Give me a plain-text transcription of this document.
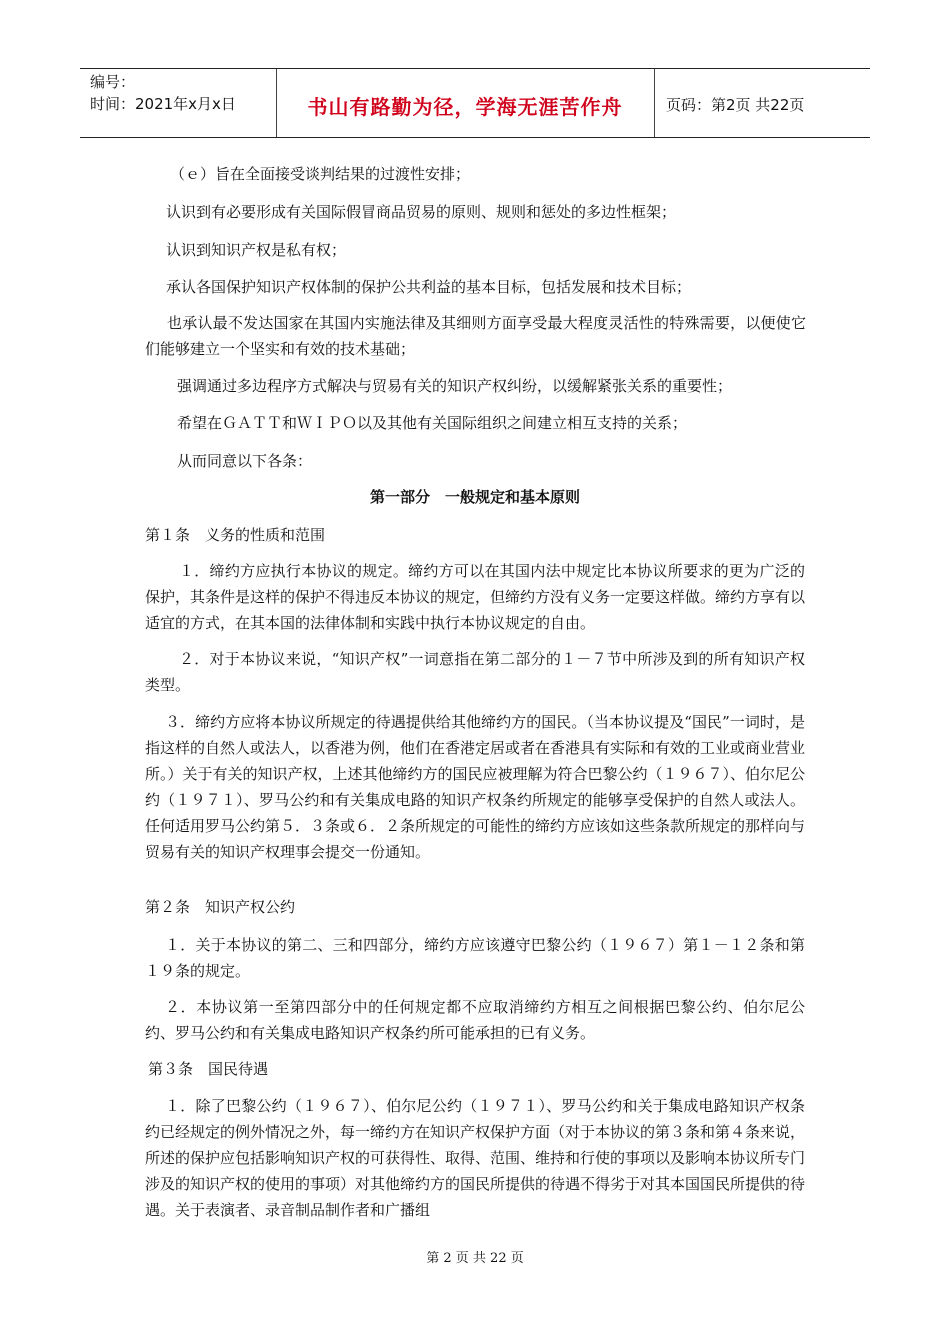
编号：
时间：2021年x月x日	书山有路勤为径，学海无涯苦作舟	页码：第2页 共22页
（ｅ）旨在全面接受谈判结果的过渡性安排；
认识到有必要形成有关国际假冒商品贸易的原则、规则和惩处的多边性框架；
认识到知识产权是私有权；
承认各国保护知识产权体制的保护公共利益的基本目标，包括发展和技术目标；
也承认最不发达国家在其国内实施法律及其细则方面享受最大程度灵活性的特殊需要，以便使它们能够建立一个坚实和有效的技术基础；
强调通过多边程序方式解决与贸易有关的知识产权纠纷，以缓解紧张关系的重要性；
希望在ＧＡＴＴ和ＷＩＰＯ以及其他有关国际组织之间建立相互支持的关系；
从而同意以下各条：
第一部分　一般规定和基本原则
第１条　义务的性质和范围
１．缔约方应执行本协议的规定。缔约方可以在其国内法中规定比本协议所要求的更为广泛的保护，其条件是这样的保护不得违反本协议的规定，但缔约方没有义务一定要这样做。缔约方享有以适宜的方式，在其本国的法律体制和实践中执行本协议规定的自由。
２．对于本协议来说，“知识产权”一词意指在第二部分的１－７节中所涉及到的所有知识产权类型。
３．缔约方应将本协议所规定的待遇提供给其他缔约方的国民。（当本协议提及“国民”一词时，是指这样的自然人或法人，以香港为例，他们在香港定居或者在香港具有实际和有效的工业或商业营业所。）关于有关的知识产权，上述其他缔约方的国民应被理解为符合巴黎公约（１９６７）、伯尔尼公约（１９７１）、罗马公约和有关集成电路的知识产权条约所规定的能够享受保护的自然人或法人。任何适用罗马公约第５．３条或６．２条所规定的可能性的缔约方应该如这些条款所规定的那样向与贸易有关的知识产权理事会提交一份通知。
第２条　知识产权公约
１．关于本协议的第二、三和四部分，缔约方应该遵守巴黎公约（１９６７）第１－１２条和第１９条的规定。
２．本协议第一至第四部分中的任何规定都不应取消缔约方相互之间根据巴黎公约、伯尔尼公约、罗马公约和有关集成电路知识产权条约所可能承担的已有义务。
第３条　国民待遇
１．除了巴黎公约（１９６７）、伯尔尼公约（１９７１）、罗马公约和关于集成电路知识产权条约已经规定的例外情况之外，每一缔约方在知识产权保护方面（对于本协议的第３条和第４条来说，所述的保护应包括影响知识产权的可获得性、取得、范围、维持和行使的事项以及影响本协议所专门涉及的知识产权的使用的事项）对其他缔约方的国民所提供的待遇不得劣于对其本国国民所提供的待遇。关于表演者、录音制品制作者和广播组
第 2 页 共 22 页
